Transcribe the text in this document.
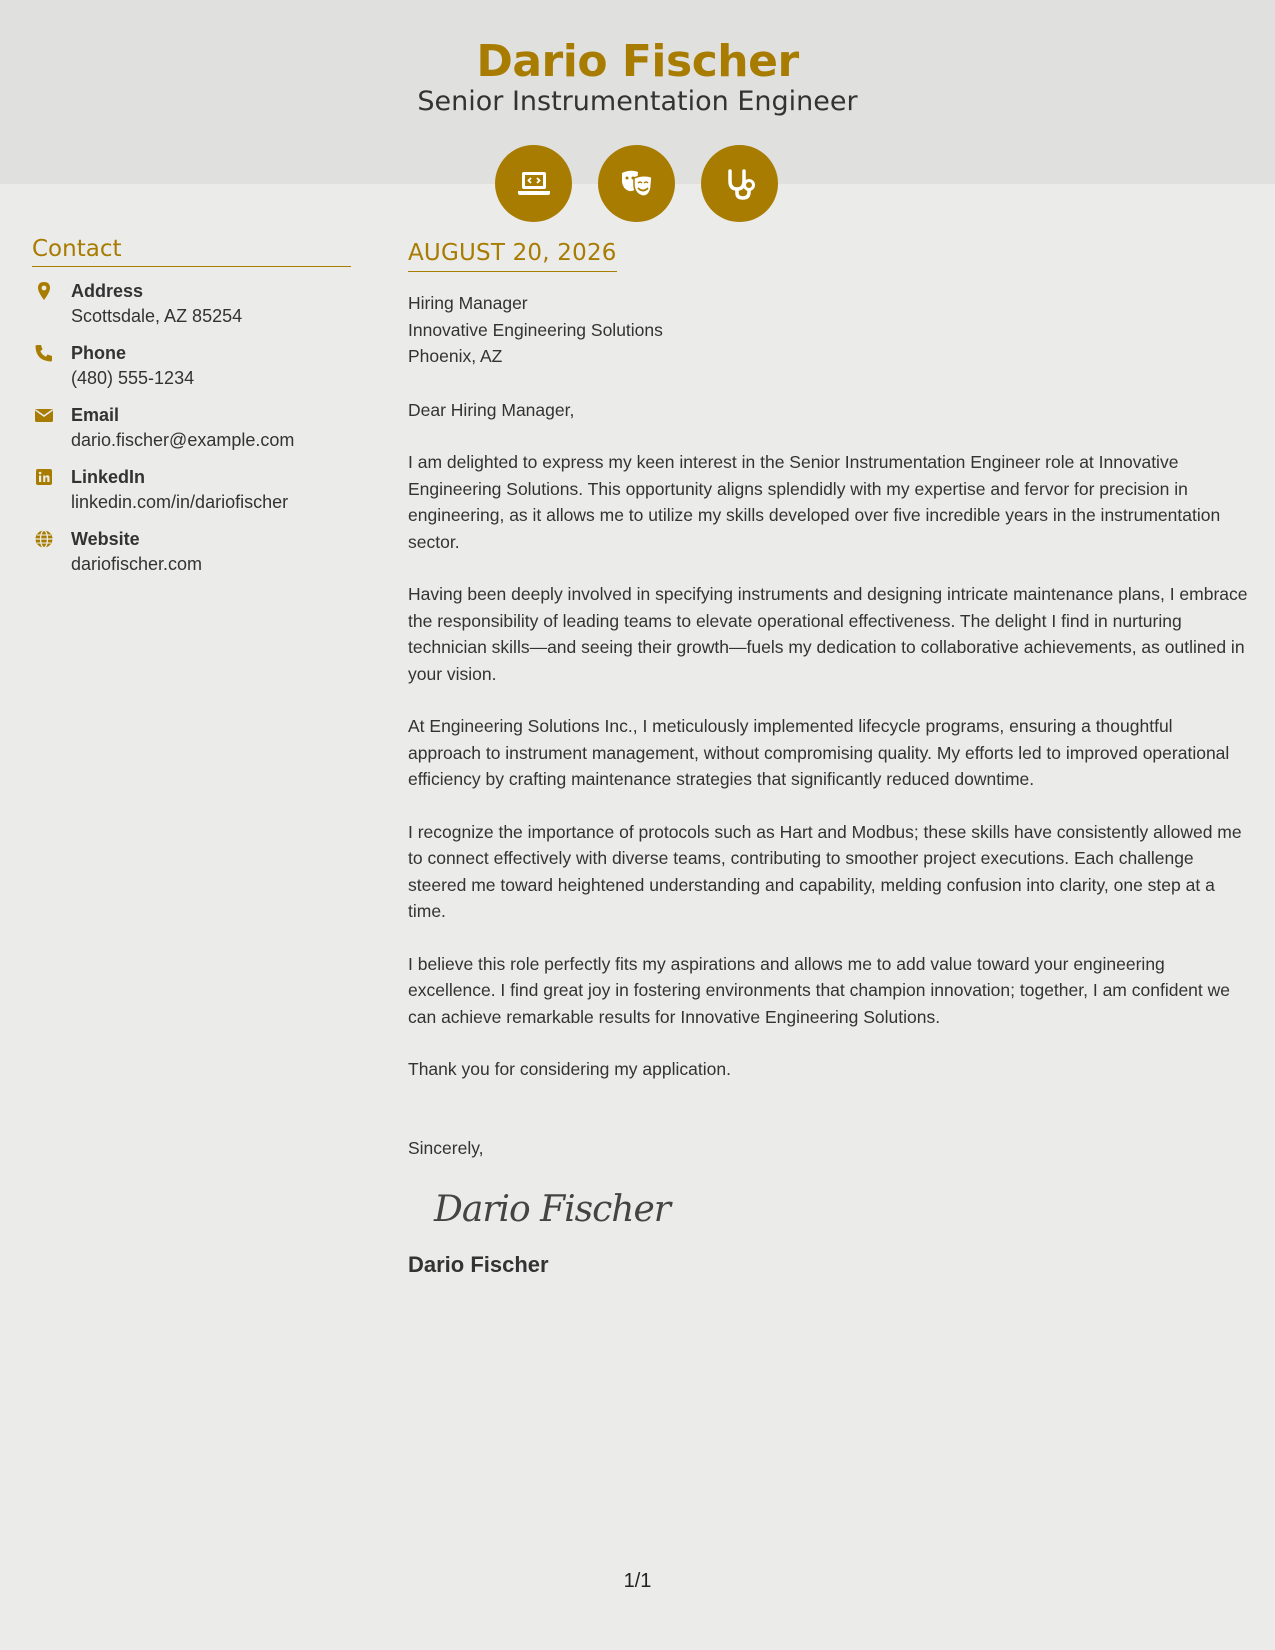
Dario Fischer
Senior Instrumentation Engineer
Contact
Address
Scottsdale, AZ 85254
Phone
(480) 555-1234
Email
dario.fischer@example.com
LinkedIn
linkedin.com/in/dariofischer
Website
dariofischer.com
AUGUST 20, 2026
Hiring Manager
Innovative Engineering Solutions
Phoenix, AZ
Dear Hiring Manager,
I am delighted to express my keen interest in the Senior Instrumentation Engineer role at Innovative Engineering Solutions. This opportunity aligns splendidly with my expertise and fervor for precision in engineering, as it allows me to utilize my skills developed over five incredible years in the instrumentation sector.
Having been deeply involved in specifying instruments and designing intricate maintenance plans, I embrace the responsibility of leading teams to elevate operational effectiveness. The delight I find in nurturing technician skills—and seeing their growth—fuels my dedication to collaborative achievements, as outlined in your vision.
At Engineering Solutions Inc., I meticulously implemented lifecycle programs, ensuring a thoughtful approach to instrument management, without compromising quality. My efforts led to improved operational efficiency by crafting maintenance strategies that significantly reduced downtime.
I recognize the importance of protocols such as Hart and Modbus; these skills have consistently allowed me to connect effectively with diverse teams, contributing to smoother project executions. Each challenge steered me toward heightened understanding and capability, melding confusion into clarity, one step at a time.
I believe this role perfectly fits my aspirations and allows me to add value toward your engineering excellence. I find great joy in fostering environments that champion innovation; together, I am confident we can achieve remarkable results for Innovative Engineering Solutions.
Thank you for considering my application.
Sincerely,
Dario Fischer
Dario Fischer
1/1
